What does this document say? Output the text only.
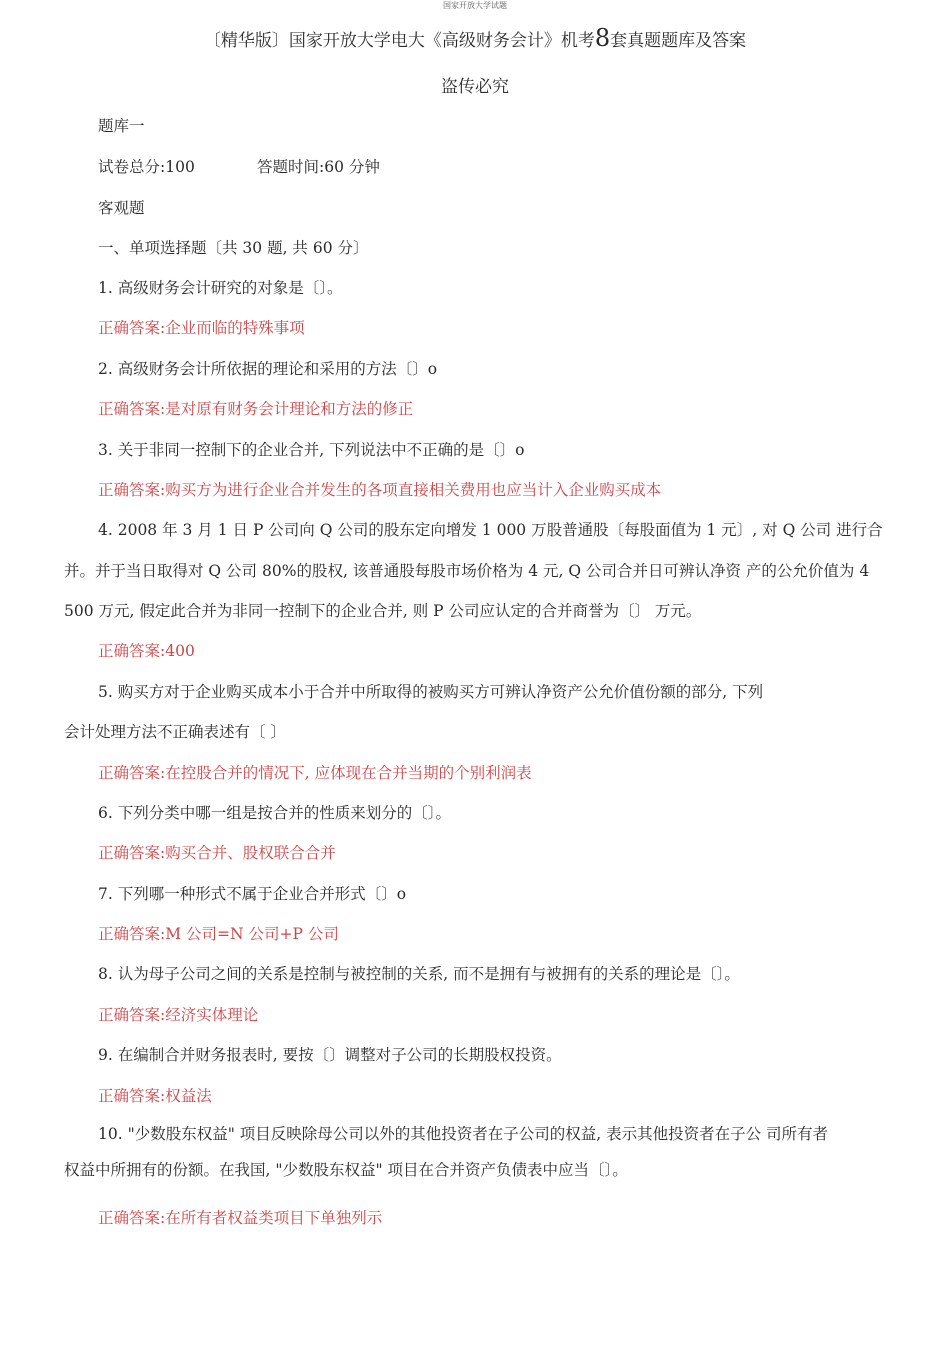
国家开放大学试题
〔精华版〕国家开放大学电大《高级财务会计》机考8套真题题库及答案
盗传必究
题库一
试卷总分:100	答题时间:60 分钟
客观题
一、单项选择题〔共 30 题, 共 60 分〕
1. 高级财务会计研究的对象是〔〕。
正确答案:企业而临的特殊事项
2. 高级财务会计所依据的理论和采用的方法〔〕o
正确答案:是对原有财务会计理论和方法的修正
3. 关于非同一控制下的企业合并, 下列说法中不正确的是〔〕o
正确答案:购买方为进行企业合并发生的各项直接相关费用也应当计入企业购买成本
4. 2008 年 3 月 1 日 P 公司向 Q 公司的股东定向增发 1 000 万股普通股〔每股面值为 1 元〕, 对 Q 公司 进行合
并。并于当日取得对 Q 公司 80%的股权, 该普通股每股市场价格为 4 元, Q 公司合并日可辨认净资 产的公允价值为 4
500 万元, 假定此合并为非同一控制下的企业合并, 则 P 公司应认定的合并商誉为〔〕 万元。
正确答案:400
5. 购买方对于企业购买成本小于合并中所取得的被购买方可辨认净资产公允价值份额的部分, 下列
会计处理方法不正确表述有〔 〕
正确答案:在控股合并的情况下, 应体现在合并当期的个别利润表
6. 下列分类中哪一组是按合并的性质来划分的〔〕。
正确答案:购买合并、股权联合合并
7. 下列哪一种形式不属于企业合并形式〔〕o
正确答案:M 公司=N 公司+P 公司
8. 认为母子公司之间的关系是控制与被控制的关系, 而不是拥有与被拥有的关系的理论是〔〕。
正确答案:经济实体理论
9. 在编制合并财务报表时, 要按〔〕调整对子公司的长期股权投资。
正确答案:权益法
10. "少数股东权益" 项目反映除母公司以外的其他投资者在子公司的权益, 表示其他投资者在子公 司所有者
权益中所拥有的份额。在我国, "少数股东权益" 项目在合并资产负债表中应当〔〕。
正确答案:在所有者权益类项目下单独列示
